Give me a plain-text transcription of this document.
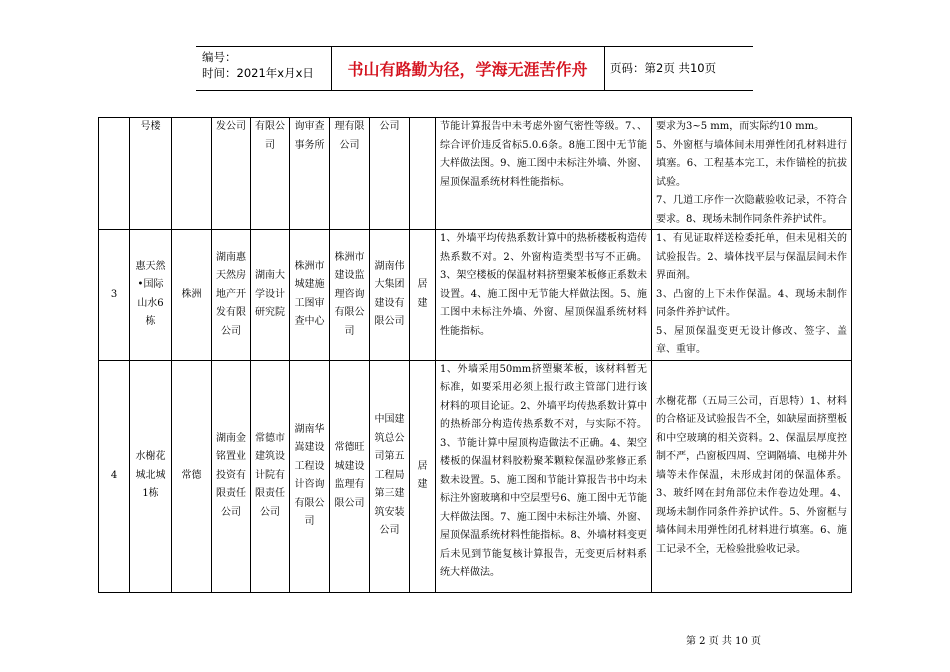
编号：
时间：2021年x月x日	书山有路勤为径，学海无涯苦作舟	页码：第2页 共10页
	号楼		发公司	有限公司	询审查事务所	理有限公司	公司		节能计算报告中未考虑外窗气密性等级。7、、综合评价违反省标5.0.6条。8施工图中无节能大样做法图。9、施工图中未标注外墙、外窗、屋顶保温系统材料性能指标。	要求为3~5 mm，而实际约10 mm。
5、外窗框与墙体间未用弹性闭孔材料进行填塞。6、工程基本完工，未作锚栓的抗拔试验。
7、几道工序作一次隐蔽验收记录，不符合要求。8、现场未制作同条件养护试件。
3	惠天然•国际山水6栋	株洲	湖南惠天然房地产开发有限公司	湖南大学设计研究院	株洲市城建施工图审查中心	株洲市建设监理咨询有限公司	湖南伟大集团建设有限公司	居建	1、外墙平均传热系数计算中的热桥楼板构造传热系数不对。2、外窗构造类型书写不正确。3、架空楼板的保温材料挤塑聚苯板修正系数未设置。4、施工图中无节能大样做法图。5、施工图中未标注外墙、外窗、屋顶保温系统材料性能指标。	1、有见证取样送检委托单，但未见相关的试验报告。2、墙体找平层与保温层间未作界面剂。
3、凸窗的上下未作保温。4、现场未制作同条件养护试件。
5、屋顶保温变更无设计修改、签字、盖章、重审。
4	水榭花城北城1栋	常德	湖南金铭置业投资有限责任公司	常德市建筑设计院有限责任公司	湖南华嵩建设工程设计咨询有限公司	常德旺城建设监理有限公司	中国建筑总公司第五工程局第三建筑安装公司	居建	1、外墙采用50mm挤塑聚苯板，该材料暂无标准，如要采用必须上报行政主管部门进行该材料的项目论证。2、外墙平均传热系数计算中的热桥部分构造传热系数不对，与实际不符。3、节能计算中屋顶构造做法不正确。4、架空楼板的保温材料胶粉聚苯颗粒保温砂浆修正系数未设置。5、施工图和节能计算报告书中均未标注外窗玻璃和中空层型号6、施工图中无节能大样做法图。7、施工图中未标注外墙、外窗、屋顶保温系统材料性能指标。8、外墙材料变更后未见到节能复核计算报告，无变更后材料系统大样做法。	水榭花都（五局三公司，百思特）1、材料的合格证及试验报告不全，如缺屋面挤塑板和中空玻璃的相关资料。2、保温层厚度控制不严，凸窗板四周、空调隔墙、电梯井外墙等未作保温，未形成封闭的保温体系。3、玻纤网在封角部位未作卷边处理。4、现场未制作同条件养护试件。5、外窗框与墙体间未用弹性闭孔材料进行填塞。6、施工记录不全，无检验批验收记录。
第 2 页 共 10 页
